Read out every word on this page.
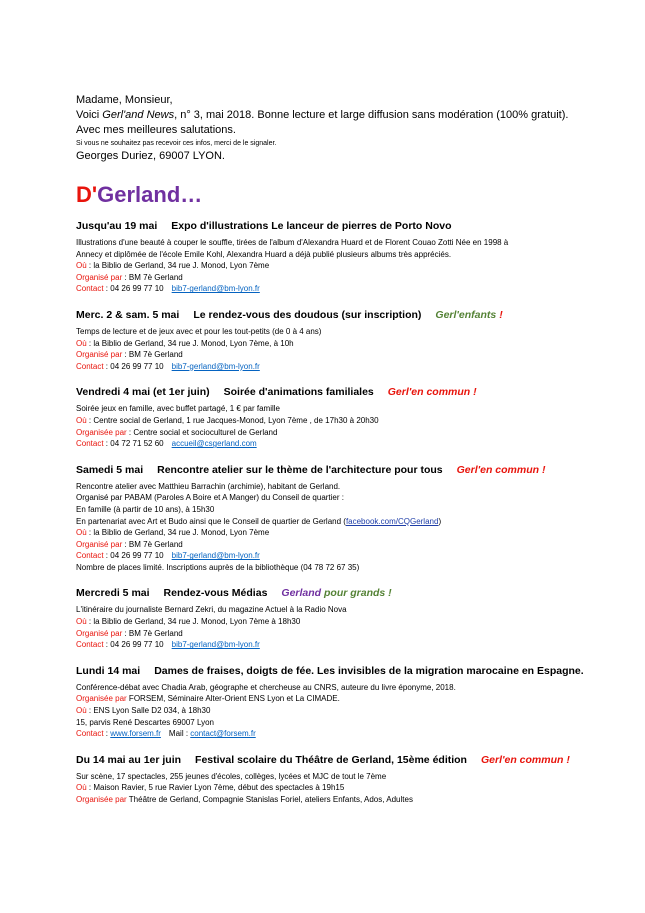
Madame, Monsieur,
Voici Gerl'and News, n° 3, mai 2018. Bonne lecture et large diffusion sans modération (100% gratuit).
Avec mes meilleures salutations.
Si vous ne souhaitez pas recevoir ces infos, merci de le signaler.
Georges Duriez, 69007 LYON.
D'Gerland…
Jusqu'au 19 mai Expo d'illustrations Le lanceur de pierres de Porto Novo
Illustrations d'une beauté à couper le souffle, tirées de l'album d'Alexandra Huard et de Florent Couao Zotti Née en 1998 à
Annecy et diplômée de l'école Emile Kohl, Alexandra Huard a déjà publié plusieurs albums très appréciés.
Où : la Biblio de Gerland, 34 rue J. Monod, Lyon 7ème
Organisé par : BM 7è Gerland
Contact : 04 26 99 77 10 bib7-gerland@bm-lyon.fr
Merc. 2 & sam. 5 mai Le rendez-vous des doudous (sur inscription) Gerl'enfants !
Temps de lecture et de jeux avec et pour les tout-petits (de 0 à 4 ans)
Où : la Biblio de Gerland, 34 rue J. Monod, Lyon 7ème, à 10h
Organisé par : BM 7è Gerland
Contact : 04 26 99 77 10 bib7-gerland@bm-lyon.fr
Vendredi 4 mai (et 1er juin) Soirée d'animations familiales Gerl'en commun !
Soirée jeux en famille, avec buffet partagé, 1 € par famille
Où : Centre social de Gerland, 1 rue Jacques-Monod, Lyon 7ème , de 17h30 à 20h30
Organisée par : Centre social et socioculturel de Gerland
Contact : 04 72 71 52 60 accueil@csgerland.com
Samedi 5 mai Rencontre atelier sur le thème de l'architecture pour tous Gerl'en commun !
Rencontre atelier avec Matthieu Barrachin (archimie), habitant de Gerland.
Organisé par PABAM (Paroles A Boire et A Manger) du Conseil de quartier :
En famille (à partir de 10 ans), à 15h30
En partenariat avec Art et Budo ainsi que le Conseil de quartier de Gerland (facebook.com/CQGerland)
Où : la Biblio de Gerland, 34 rue J. Monod, Lyon 7ème
Organisé par : BM 7è Gerland
Contact : 04 26 99 77 10 bib7-gerland@bm-lyon.fr
Nombre de places limité. Inscriptions auprès de la bibliothèque (04 78 72 67 35)
Mercredi 5 mai Rendez-vous Médias Gerland pour grands !
L'itinéraire du journaliste Bernard Zekri, du magazine Actuel à la Radio Nova
Où : la Biblio de Gerland, 34 rue J. Monod, Lyon 7ème à 18h30
Organisé par : BM 7è Gerland
Contact : 04 26 99 77 10 bib7-gerland@bm-lyon.fr
Lundi 14 mai Dames de fraises, doigts de fée. Les invisibles de la migration marocaine en Espagne.
Conférence-débat avec Chadia Arab, géographe et chercheuse au CNRS, auteure du livre éponyme, 2018.
Organisée par FORSEM, Séminaire Alter-Orient ENS Lyon et La CIMADE.
Où : ENS Lyon Salle D2 034, à 18h30
15, parvis René Descartes 69007 Lyon
Contact : www.forsem.fr Mail : contact@forsem.fr
Du 14 mai au 1er juin Festival scolaire du Théâtre de Gerland, 15ème édition Gerl'en commun !
Sur scène, 17 spectacles, 255 jeunes d'écoles, collèges, lycées et MJC de tout le 7ème
Où : Maison Ravier, 5 rue Ravier Lyon 7ème, début des spectacles à 19h15
Organisée par Théâtre de Gerland, Compagnie Stanislas Foriel, ateliers Enfants, Ados, Adultes
